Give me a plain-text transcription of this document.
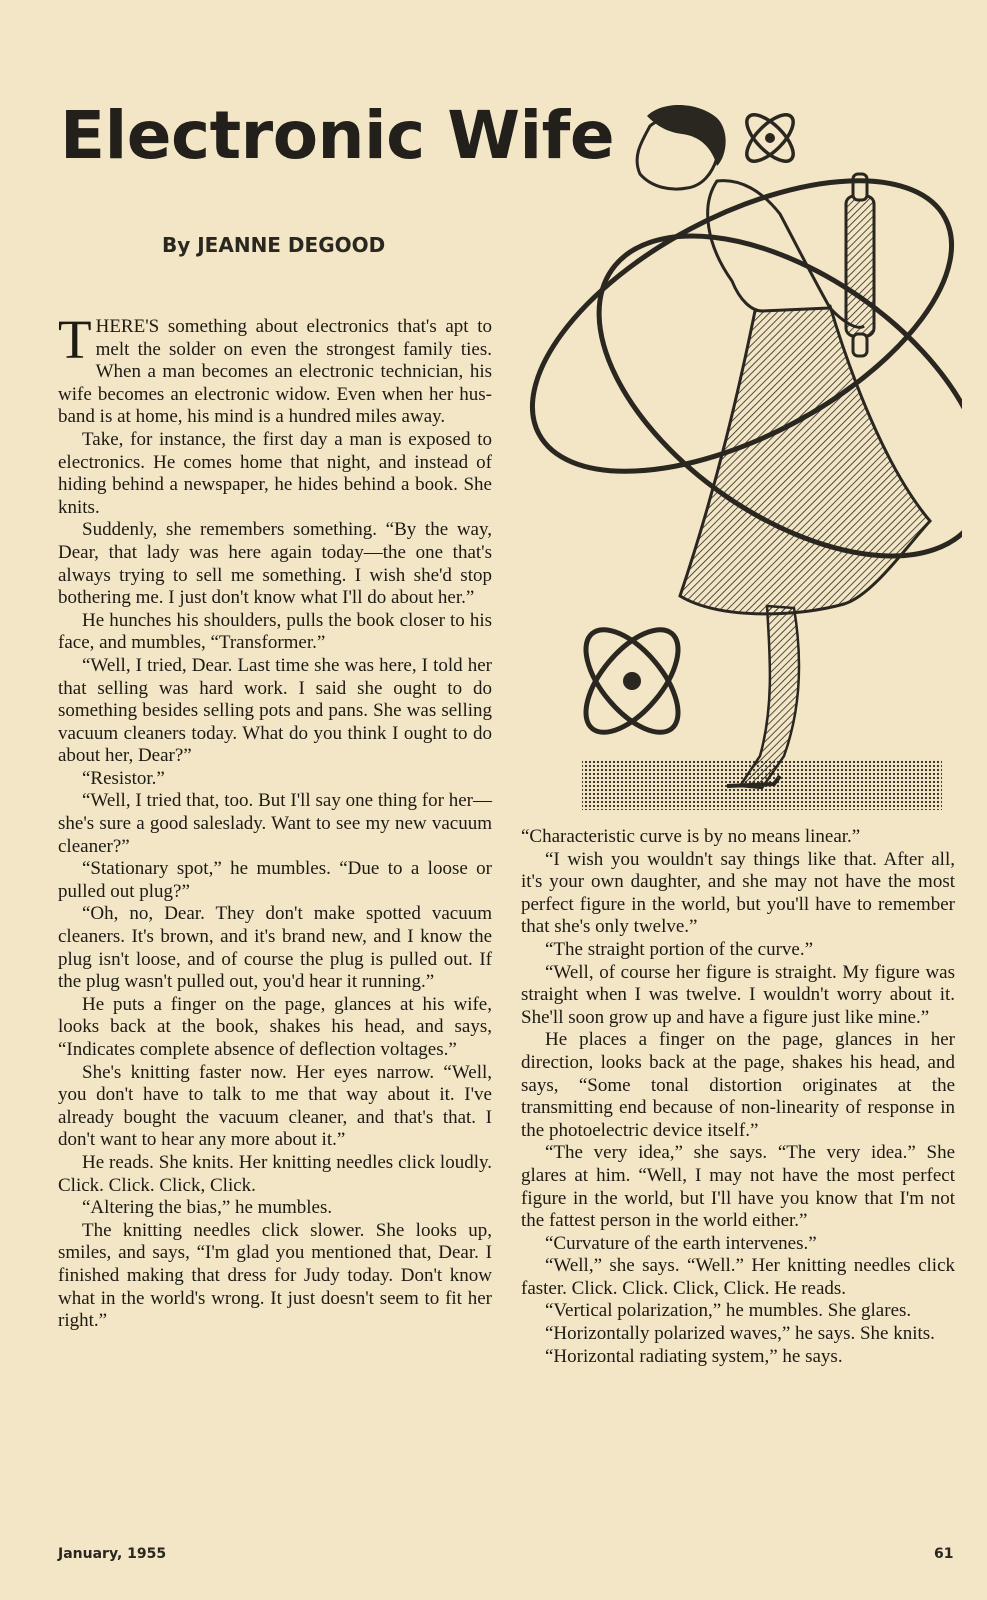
Electronic Wife
By JEANNE DEGOOD

THERE'S something about electronics that's apt to melt the solder on even the strongest family ties. When a man becomes an electronic technician, his wife becomes an electronic widow. Even when her husband is at home, his mind is a hundred miles away.

Take, for instance, the first day a man is exposed to electronics. He comes home that night, and instead of hiding behind a newspaper, he hides behind a book. She knits.

Suddenly, she remembers something. “By the way, Dear, that lady was here again today—the one that's always trying to sell me something. I wish she'd stop bothering me. I just don't know what I'll do about her.”

He hunches his shoulders, pulls the book closer to his face, and mumbles, “Transformer.”

“Well, I tried, Dear. Last time she was here, I told her that selling was hard work. I said she ought to do something besides selling pots and pans. She was selling vacuum cleaners today. What do you think I ought to do about her, Dear?”

“Resistor.”

“Well, I tried that, too. But I'll say one thing for her—she's sure a good saleslady. Want to see my new vacuum cleaner?”

“Stationary spot,” he mumbles. “Due to a loose or pulled out plug?”

“Oh, no, Dear. They don't make spotted vacuum cleaners. It's brown, and it's brand new, and I know the plug isn't loose, and of course the plug is pulled out. If the plug wasn't pulled out, you'd hear it running.”

He puts a finger on the page, glances at his wife, looks back at the book, shakes his head, and says, “Indicates complete absence of deflection voltages.”

She's knitting faster now. Her eyes narrow. “Well, you don't have to talk to me that way about it. I've already bought the vacuum cleaner, and that's that. I don't want to hear any more about it.”

He reads. She knits. Her knitting needles click loudly. Click. Click. Click, Click.

“Altering the bias,” he mumbles.

The knitting needles click slower. She looks up, smiles, and says, “I'm glad you mentioned that, Dear. I finished making that dress for Judy today. Don't know what in the world's wrong. It just doesn't seem to fit her right.”

“Characteristic curve is by no means linear.”

“I wish you wouldn't say things like that. After all, it's your own daughter, and she may not have the most perfect figure in the world, but you'll have to remember that she's only twelve.”

“The straight portion of the curve.”

“Well, of course her figure is straight. My figure was straight when I was twelve. I wouldn't worry about it. She'll soon grow up and have a figure just like mine.”

He places a finger on the page, glances in her direction, looks back at the page, shakes his head, and says, “Some tonal distortion originates at the transmitting end because of non-linearity of response in the photoelectric device itself.”

“The very idea,” she says. “The very idea.” She glares at him. “Well, I may not have the most perfect figure in the world, but I'll have you know that I'm not the fattest person in the world either.”

“Curvature of the earth intervenes.”

“Well,” she says. “Well.” Her knitting needles click faster. Click. Click. Click, Click. He reads.

“Vertical polarization,” he mumbles. She glares.

“Horizontally polarized waves,” he says. She knits.

“Horizontal radiating system,” he says.

January, 1955	61
